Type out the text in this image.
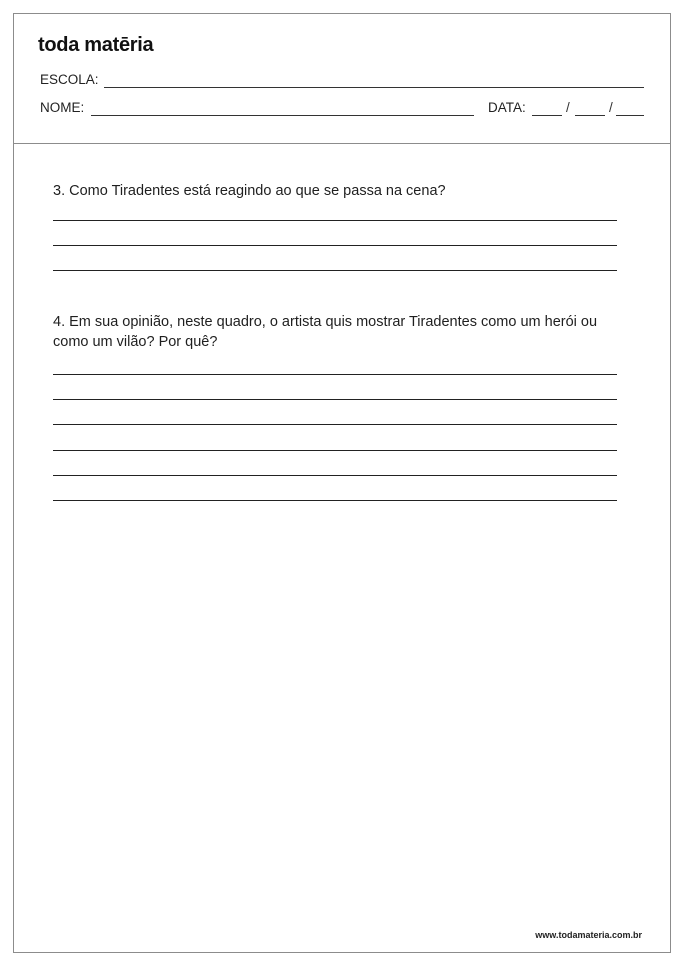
toda matēria
ESCOLA:
NOME:	DATA:	/	/
3. Como Tiradentes está reagindo ao que se passa na cena?
4. Em sua opinião, neste quadro, o artista quis mostrar Tiradentes como um herói ou como um vilão? Por quê?
www.todamateria.com.br
